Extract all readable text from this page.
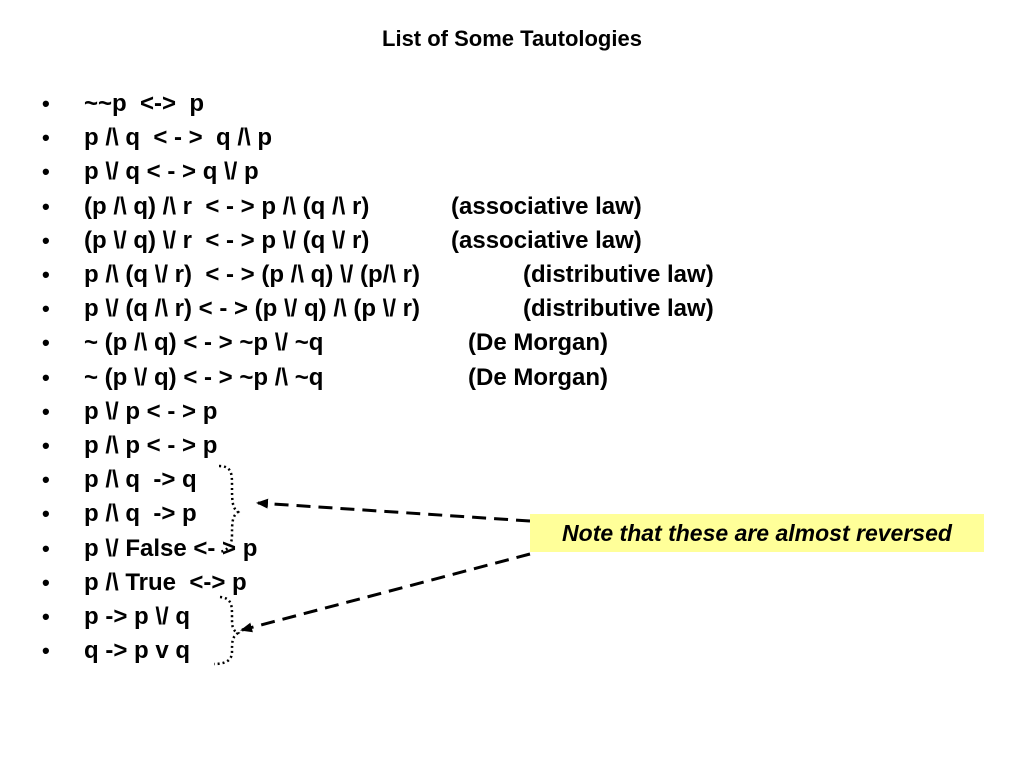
List of Some Tautologies
•	~~p  <->  p
•	p /\ q  < - >  q /\ p
•	p \/ q < - > q \/ p
•	(p /\ q) /\ r  < - > p /\ (q /\ r)	(associative law)
•	(p \/ q) \/ r  < - > p \/ (q \/ r)	(associative law)
•	p /\ (q \/ r)  < - > (p /\ q) \/ (p/\ r)	(distributive law)
•	p \/ (q /\ r) < - > (p \/ q) /\ (p \/ r)	(distributive law)
•	~ (p /\ q) < - > ~p \/ ~q	(De Morgan)
•	~ (p \/ q) < - > ~p /\ ~q	(De Morgan)
•	p \/ p < - > p
•	p /\ p < - > p
•	p /\ q  -> q
•	p /\ q  -> p
•	p \/ False <- > p
•	p /\ True  <-> p
•	p -> p \/ q
•	q -> p v q
Note that these are almost reversed
